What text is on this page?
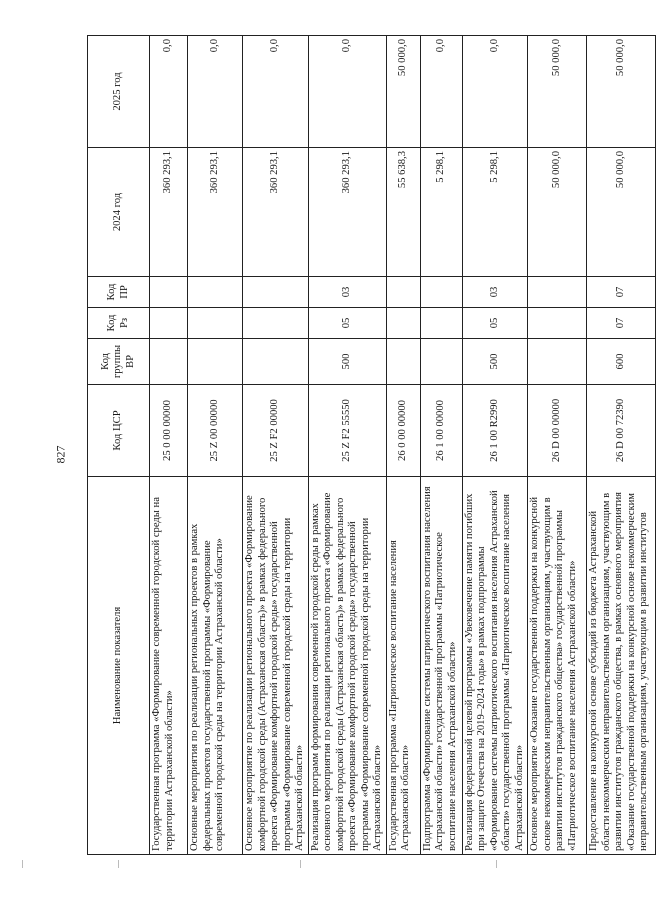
827
Наименование показателя	Код ЦСР	Код группы ВР	Код Рз	Код ПР	2024 год	2025 год
Государственная программа «Формирование современной городской среды на территории Астраханской области»	25 0 00 00000				360 293,1	0,0
Основные мероприятия по реализации региональных проектов в рамках федеральных проектов государственной программы «Формирование современной городской среды на территории Астраханской области»	25 Z 00 00000				360 293,1	0,0
Основное мероприятие по реализации регионального проекта «Формирование комфортной городской среды (Астраханская область)» в рамках федерального проекта «Формирование комфортной городской среды» государственной программы «Формирование современной городской среды на территории Астраханской области»	25 Z F2 00000				360 293,1	0,0
Реализация программ формирования современной городской среды в рамках основного мероприятия по реализации регионального проекта «Формирование комфортной городской среды (Астраханская область)» в рамках федерального проекта «Формирование комфортной городской среды» государственной программы «Формирование современной городской среды на территории Астраханской области»	25 Z F2 55550	500	05	03	360 293,1	0,0
Государственная программа «Патриотическое воспитание населения Астраханской области»	26 0 00 00000				55 638,3	50 000,0
Подпрограмма «Формирование системы патриотического воспитания населения Астраханской области» государственной программы «Патриотическое воспитание населения Астраханской области»	26 1 00 00000				5 298,1	0,0
Реализация федеральной целевой программы «Увековечение памяти погибших при защите Отечества на 2019–2024 годы» в рамках подпрограммы «Формирование системы патриотического воспитания населения Астраханской области» государственной программы «Патриотическое воспитание населения Астраханской области»	26 1 00 R2990	500	05	03	5 298,1	0,0
Основное мероприятие «Оказание государственной поддержки на конкурсной основе некоммерческим неправительственным организациям, участвующим в развитии институтов гражданского общества» государственной программы «Патриотическое воспитание населения Астраханской области»	26 D 00 00000				50 000,0	50 000,0
Предоставление на конкурсной основе субсидий из бюджета Астраханской области некоммерческим неправительственным организациям, участвующим в развитии институтов гражданского общества, в рамках основного мероприятия «Оказание государственной поддержки на конкурсной основе некоммерческим неправительственным организациям, участвующим в развитии институтов	26 D 00 72390	600	07	07	50 000,0	50 000,0
